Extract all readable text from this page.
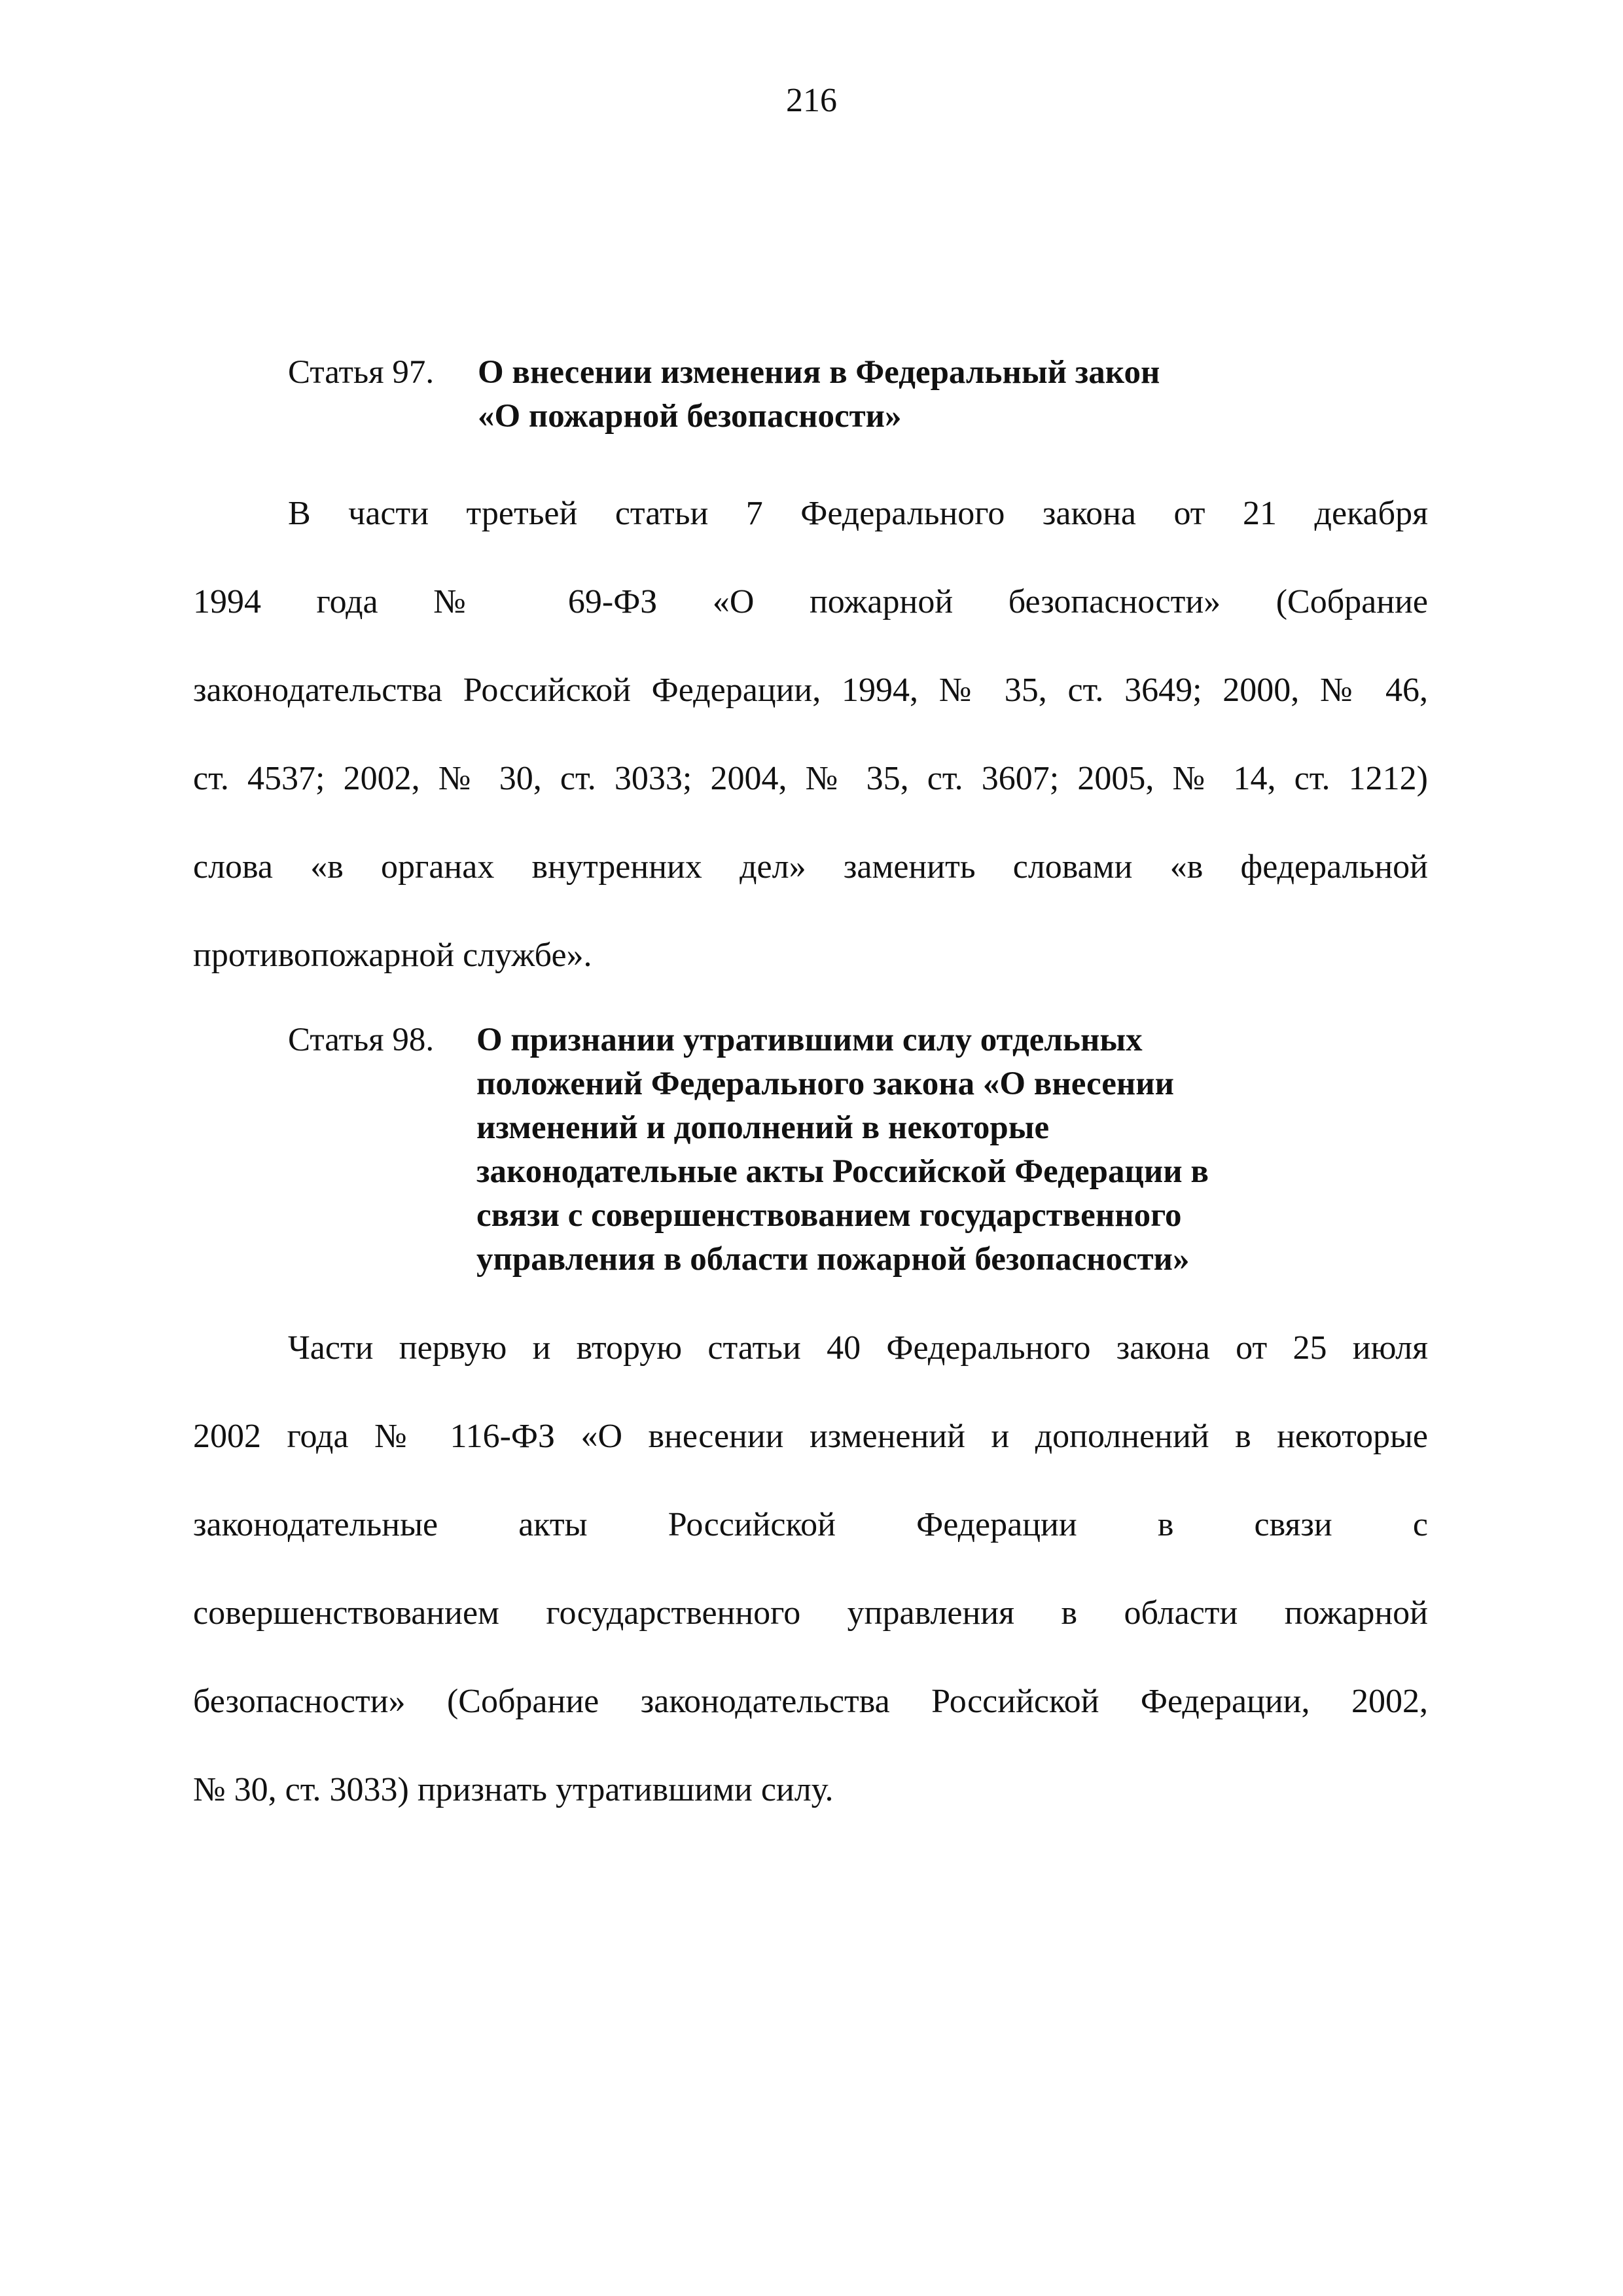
216
Статья 97. О внесении изменения в Федеральный закон
«О пожарной безопасности»
В части третьей статьи 7 Федерального закона от 21 декабря
1994 года № 69-ФЗ «О пожарной безопасности» (Собрание
законодательства Российской Федерации, 1994, № 35, ст. 3649; 2000, № 46,
ст. 4537; 2002, № 30, ст. 3033; 2004, № 35, ст. 3607; 2005, № 14, ст. 1212)
слова «в органах внутренних дел» заменить словами «в федеральной
противопожарной службе».
Статья 98. О признании утратившими силу отдельных
положений Федерального закона «О внесении
изменений и дополнений в некоторые
законодательные акты Российской Федерации в
связи с совершенствованием государственного
управления в области пожарной безопасности»
Части первую и вторую статьи 40 Федерального закона от 25 июля
2002 года № 116-ФЗ «О внесении изменений и дополнений в некоторые
законодательные акты Российской Федерации в связи с
совершенствованием государственного управления в области пожарной
безопасности» (Собрание законодательства Российской Федерации, 2002,
№ 30, ст. 3033) признать утратившими силу.
